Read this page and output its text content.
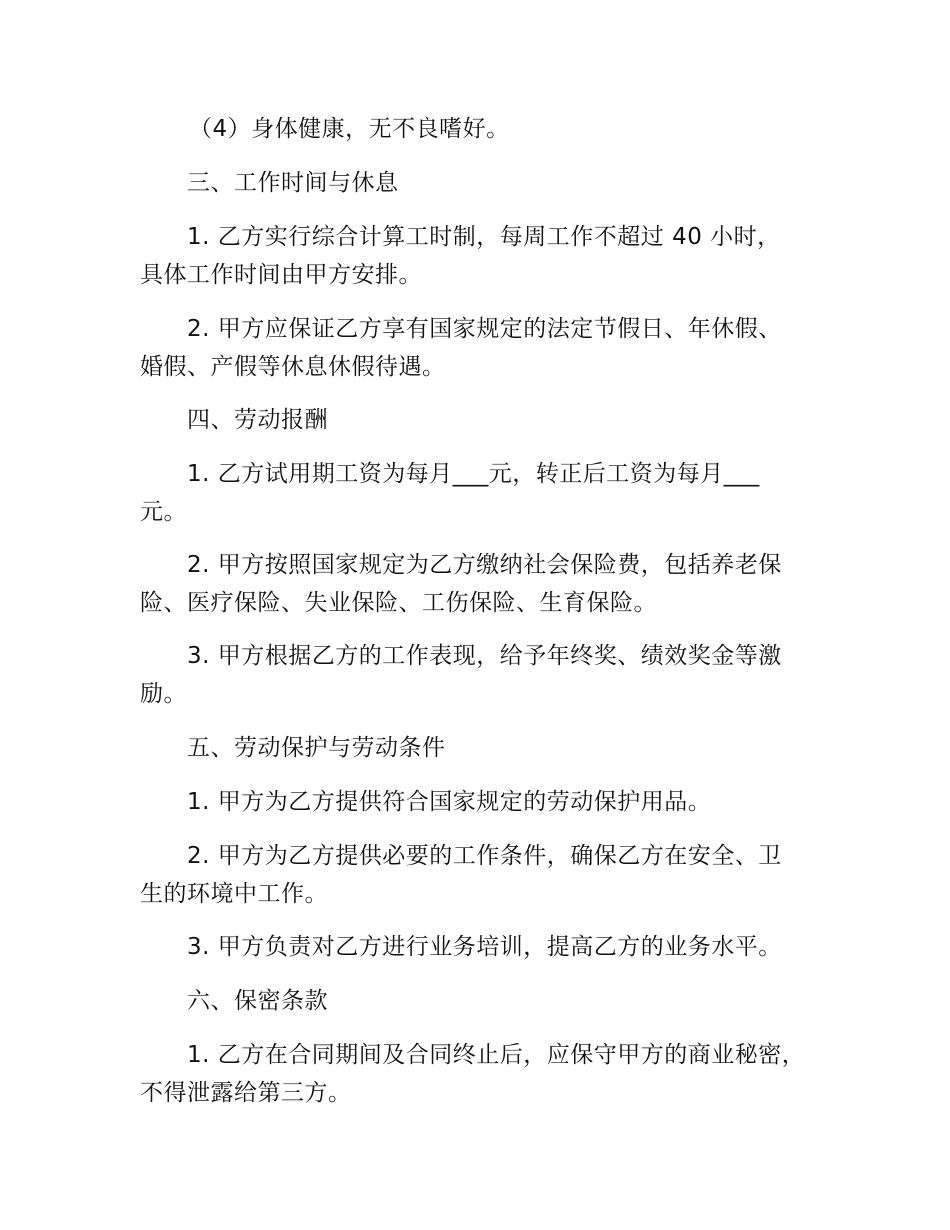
（4）身体健康，无不良嗜好。

三、工作时间与休息

1. 乙方实行综合计算工时制，每周工作不超过 40 小时，
具体工作时间由甲方安排。

2. 甲方应保证乙方享有国家规定的法定节假日、年休假、
婚假、产假等休息休假待遇。

四、劳动报酬

1. 乙方试用期工资为每月___元，转正后工资为每月___
元。

2. 甲方按照国家规定为乙方缴纳社会保险费，包括养老保
险、医疗保险、失业保险、工伤保险、生育保险。

3. 甲方根据乙方的工作表现，给予年终奖、绩效奖金等激
励。

五、劳动保护与劳动条件

1. 甲方为乙方提供符合国家规定的劳动保护用品。

2. 甲方为乙方提供必要的工作条件，确保乙方在安全、卫
生的环境中工作。

3. 甲方负责对乙方进行业务培训，提高乙方的业务水平。

六、保密条款

1. 乙方在合同期间及合同终止后，应保守甲方的商业秘密，
不得泄露给第三方。
